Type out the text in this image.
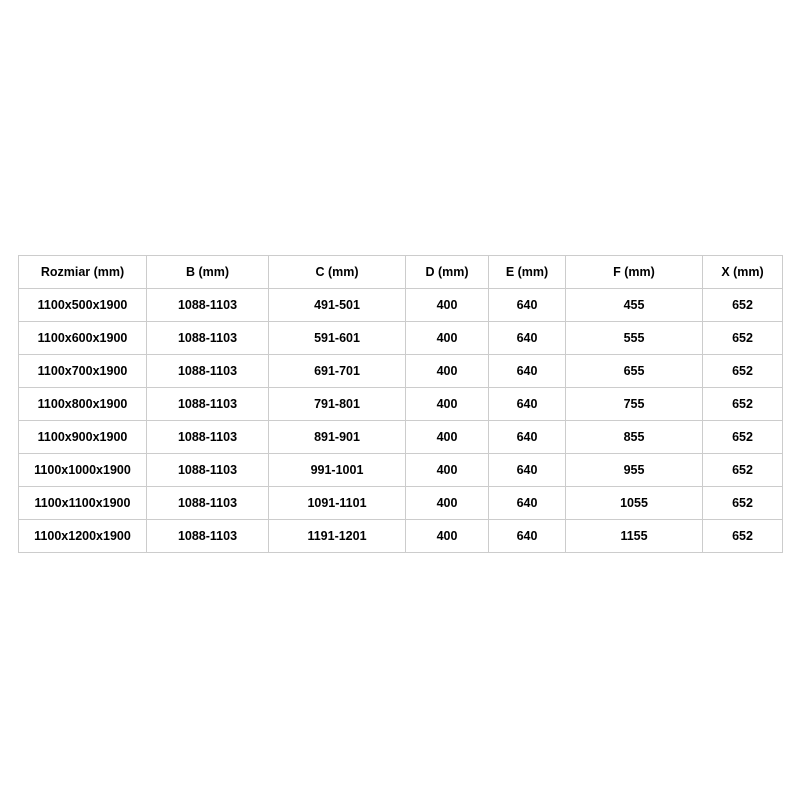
Rozmiar (mm)	B (mm)	C (mm)	D (mm)	E (mm)	F (mm)	X (mm)
1100x500x1900	1088-1103	491-501	400	640	455	652
1100x600x1900	1088-1103	591-601	400	640	555	652
1100x700x1900	1088-1103	691-701	400	640	655	652
1100x800x1900	1088-1103	791-801	400	640	755	652
1100x900x1900	1088-1103	891-901	400	640	855	652
1100x1000x1900	1088-1103	991-1001	400	640	955	652
1100x1100x1900	1088-1103	1091-1101	400	640	1055	652
1100x1200x1900	1088-1103	1191-1201	400	640	1155	652
